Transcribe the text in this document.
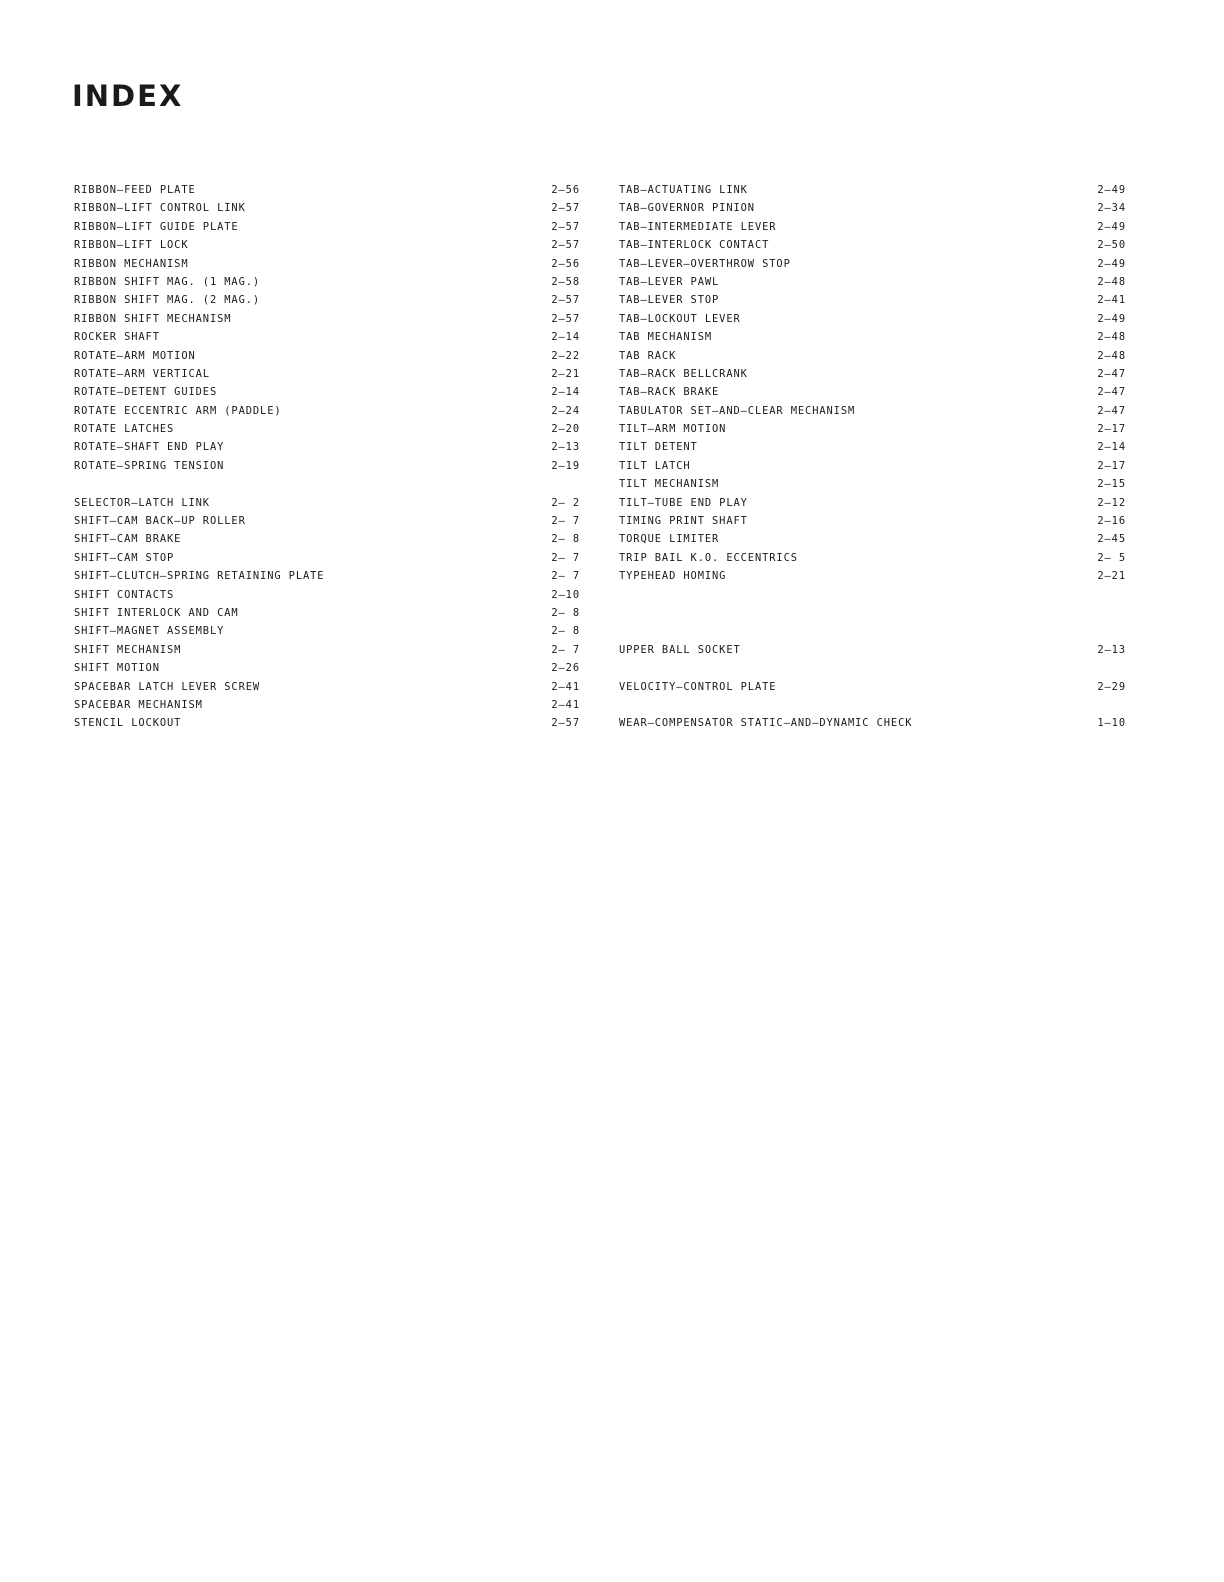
INDEX
RIBBON–FEED PLATE	2–56
RIBBON–LIFT CONTROL LINK	2–57
RIBBON–LIFT GUIDE PLATE	2–57
RIBBON–LIFT LOCK	2–57
RIBBON MECHANISM	2–56
RIBBON SHIFT MAG. (1 MAG.)	2–58
RIBBON SHIFT MAG. (2 MAG.)	2–57
RIBBON SHIFT MECHANISM	2–57
ROCKER SHAFT	2–14
ROTATE–ARM MOTION	2–22
ROTATE–ARM VERTICAL	2–21
ROTATE–DETENT GUIDES	2–14
ROTATE ECCENTRIC ARM (PADDLE)	2–24
ROTATE LATCHES	2–20
ROTATE–SHAFT END PLAY	2–13
ROTATE–SPRING TENSION	2–19
SELECTOR–LATCH LINK	2– 2
SHIFT–CAM BACK–UP ROLLER	2– 7
SHIFT–CAM BRAKE	2– 8
SHIFT–CAM STOP	2– 7
SHIFT–CLUTCH–SPRING RETAINING PLATE	2– 7
SHIFT CONTACTS	2–10
SHIFT INTERLOCK AND CAM	2– 8
SHIFT–MAGNET ASSEMBLY	2– 8
SHIFT MECHANISM	2– 7
SHIFT MOTION	2–26
SPACEBAR LATCH LEVER SCREW	2–41
SPACEBAR MECHANISM	2–41
STENCIL LOCKOUT	2–57
TAB–ACTUATING LINK	2–49
TAB–GOVERNOR PINION	2–34
TAB–INTERMEDIATE LEVER	2–49
TAB–INTERLOCK CONTACT	2–50
TAB–LEVER–OVERTHROW STOP	2–49
TAB–LEVER PAWL	2–48
TAB–LEVER STOP	2–41
TAB–LOCKOUT LEVER	2–49
TAB MECHANISM	2–48
TAB RACK	2–48
TAB–RACK BELLCRANK	2–47
TAB–RACK BRAKE	2–47
TABULATOR SET–AND–CLEAR MECHANISM	2–47
TILT–ARM MOTION	2–17
TILT DETENT	2–14
TILT LATCH	2–17
TILT MECHANISM	2–15
TILT–TUBE END PLAY	2–12
TIMING PRINT SHAFT	2–16
TORQUE LIMITER	2–45
TRIP BAIL K.O. ECCENTRICS	2– 5
TYPEHEAD HOMING	2–21
UPPER BALL SOCKET	2–13
VELOCITY–CONTROL PLATE	2–29
WEAR–COMPENSATOR STATIC–AND–DYNAMIC CHECK	1–10
